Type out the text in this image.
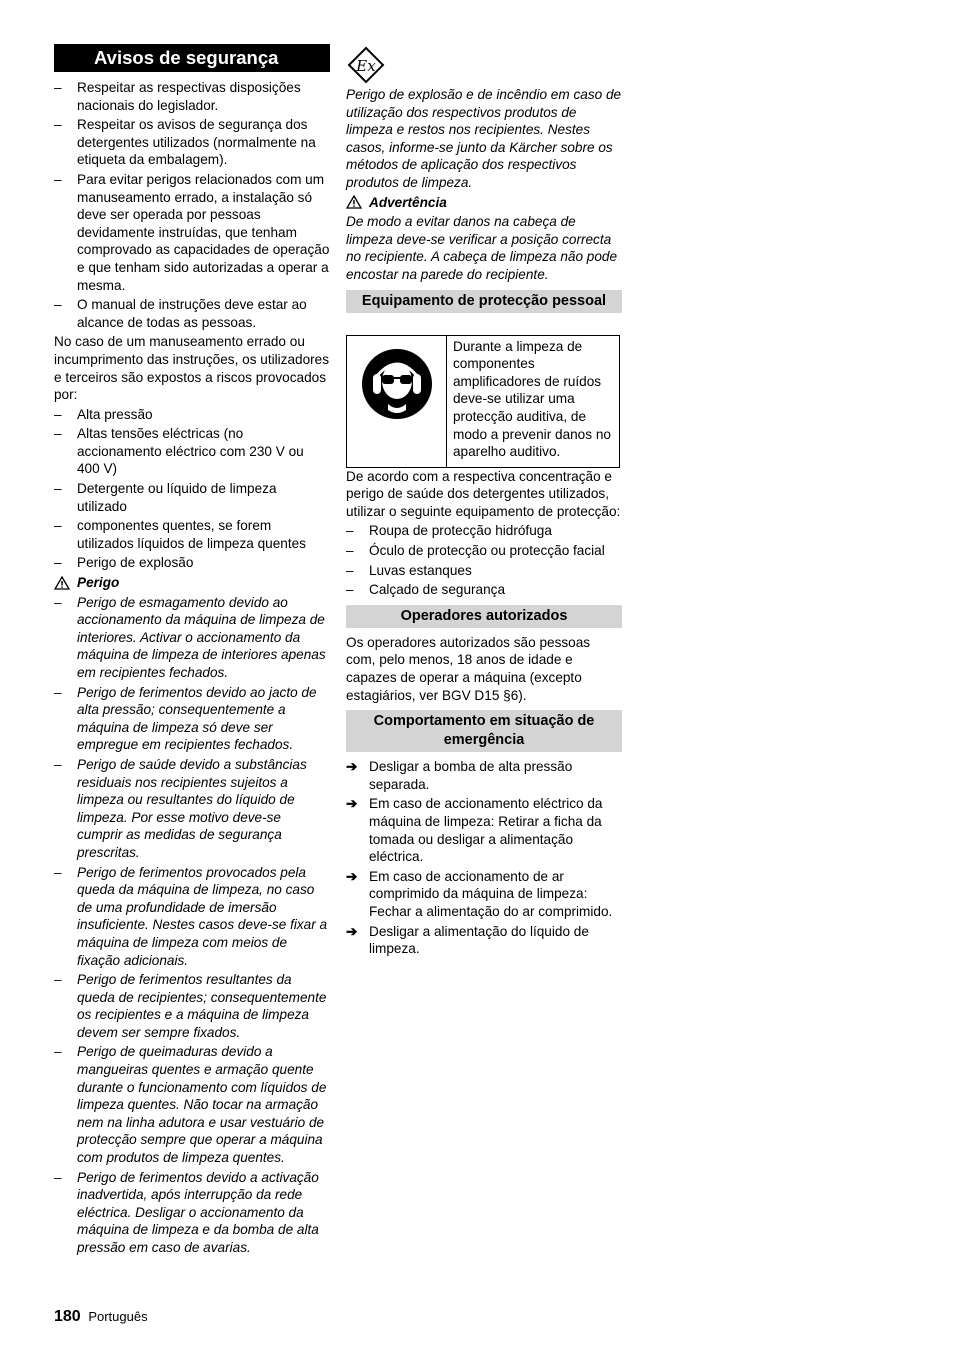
Avisos de segurança
– Respeitar as respectivas disposições nacionais do legislador.
– Respeitar os avisos de segurança dos detergentes utilizados (normalmente na etiqueta da embalagem).
– Para evitar perigos relacionados com um manuseamento errado, a instalação só deve ser operada por pessoas devidamente instruídas, que tenham comprovado as capacidades de operação e que tenham sido autorizadas a operar a mesma.
– O manual de instruções deve estar ao alcance de todas as pessoas.

No caso de um manuseamento errado ou incumprimento das instruções, os utilizadores e terceiros são expostos a riscos provocados por:

– Alta pressão
– Altas tensões eléctricas (no accionamento eléctrico com 230 V ou 400 V)
– Detergente ou líquido de limpeza utilizado
– componentes quentes, se forem utilizados líquidos de limpeza quentes
– Perigo de explosão
Perigo
– Perigo de esmagamento devido ao accionamento da máquina de limpeza de interiores. Activar o accionamento da máquina de limpeza de interiores apenas em recipientes fechados.
– Perigo de ferimentos devido ao jacto de alta pressão; consequentemente a máquina de limpeza só deve ser empregue em recipientes fechados.
– Perigo de saúde devido a substâncias residuais nos recipientes sujeitos a limpeza ou resultantes do líquido de limpeza. Por esse motivo deve-se cumprir as medidas de segurança prescritas.
– Perigo de ferimentos provocados pela queda da máquina de limpeza, no caso de uma profundidade de imersão insuficiente. Nestes casos deve-se fixar a máquina de limpeza com meios de fixação adicionais.
– Perigo de ferimentos resultantes da queda de recipientes; consequentemente os recipientes e a máquina de limpeza devem ser sempre fixados.
– Perigo de queimaduras devido a mangueiras quentes e armação quente durante o funcionamento com líquidos de limpeza quentes. Não tocar na armação nem na linha adutora e usar vestuário de protecção sempre que operar a máquina com produtos de limpeza quentes.
– Perigo de ferimentos devido a activação inadvertida, após interrupção da rede eléctrica. Desligar o accionamento da máquina de limpeza e da bomba de alta pressão em caso de avarias.
Ex

Perigo de explosão e de incêndio em caso de utilização dos respectivos produtos de limpeza e restos nos recipientes. Nestes casos, informe-se junto da Kärcher sobre os métodos de aplicação dos respectivos produtos de limpeza.

Advertência

De modo a evitar danos na cabeça de limpeza deve-se verificar a posição correcta no recipiente. A cabeça de limpeza não pode encostar na parede do recipiente.

Equipamento de protecção pessoal
Durante a limpeza de componentes amplificadores de ruídos deve-se utilizar uma protecção auditiva, de modo a prevenir danos no aparelho auditivo.

De acordo com a respectiva concentração e perigo de saúde dos detergentes utilizados, utilizar o seguinte equipamento de protecção:

– Roupa de protecção hidrófuga
– Óculo de protecção ou protecção facial
– Luvas estanques
– Calçado de segurança
Operadores autorizados

Os operadores autorizados são pessoas com, pelo menos, 18 anos de idade e capazes de operar a máquina (excepto estagiários, ver BGV D15 §6).

Comportamento em situação de emergência
➔ Desligar a bomba de alta pressão separada.
➔ Em caso de accionamento eléctrico da máquina de limpeza: Retirar a ficha da tomada ou desligar a alimentação eléctrica.
➔ Em caso de accionamento de ar comprimido da máquina de limpeza: Fechar a alimentação do ar comprimido.
➔ Desligar a alimentação do líquido de limpeza.
180 Português
